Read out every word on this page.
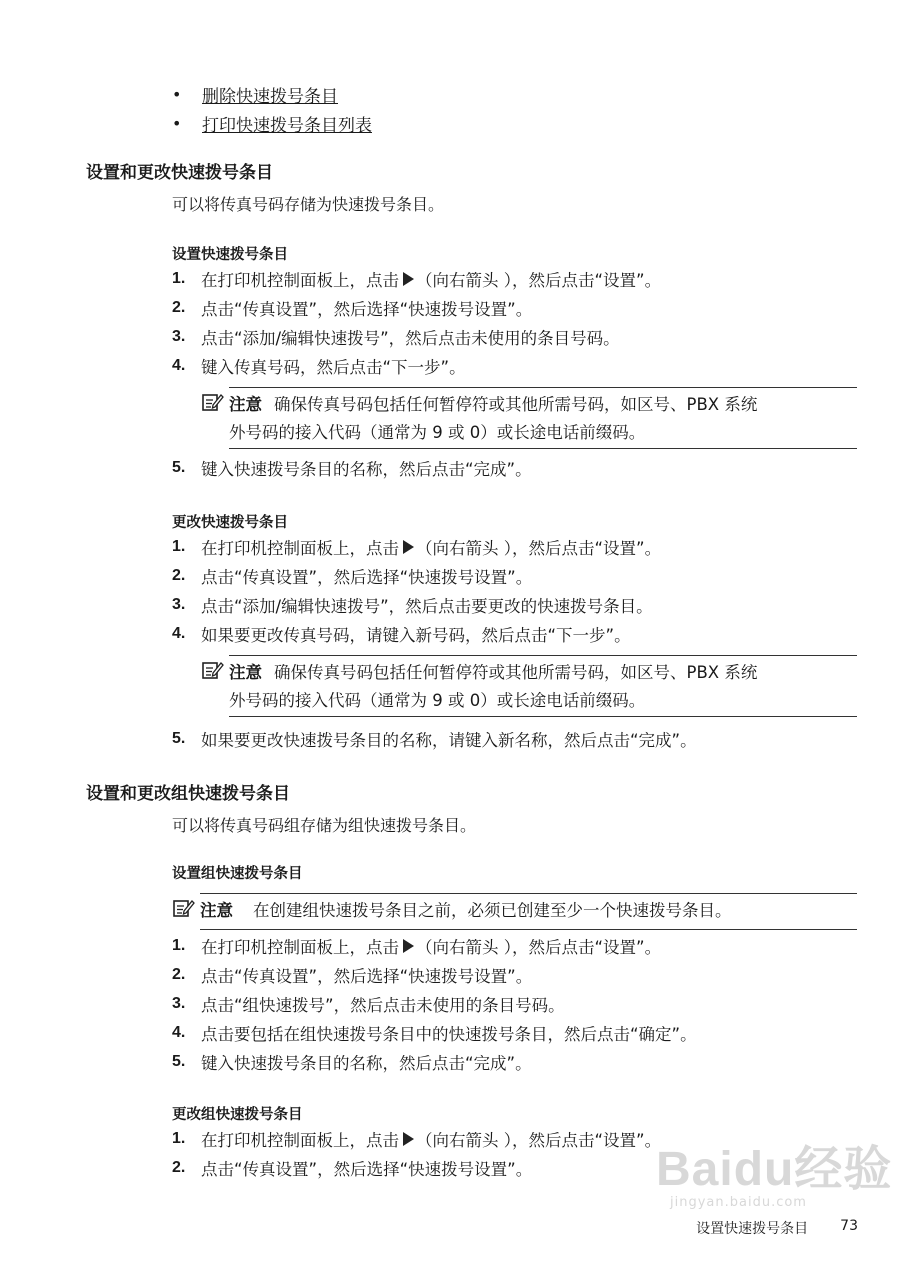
•	删除快速拨号条目
•	打印快速拨号条目列表
设置和更改快速拨号条目
可以将传真号码存储为快速拨号条目。
设置快速拨号条目
1. 在打印机控制面板上，点击 （向右箭头 ），然后点击“设置”。
2. 点击“传真设置”，然后选择“快速拨号设置”。
3. 点击“添加/编辑快速拨号”，然后点击未使用的条目号码。
4. 键入传真号码，然后点击“下一步”。
注意 确保传真号码包括任何暂停符或其他所需号码，如区号、PBX 系统
外号码的接入代码（通常为 9 或 0）或长途电话前缀码。
5. 键入快速拨号条目的名称，然后点击“完成”。
更改快速拨号条目
1. 在打印机控制面板上，点击 （向右箭头 ），然后点击“设置”。
2. 点击“传真设置”，然后选择“快速拨号设置”。
3. 点击“添加/编辑快速拨号”，然后点击要更改的快速拨号条目。
4. 如果要更改传真号码，请键入新号码，然后点击“下一步”。
注意 确保传真号码包括任何暂停符或其他所需号码，如区号、PBX 系统
外号码的接入代码（通常为 9 或 0）或长途电话前缀码。
5. 如果要更改快速拨号条目的名称，请键入新名称，然后点击“完成”。
设置和更改组快速拨号条目
可以将传真号码组存储为组快速拨号条目。
设置组快速拨号条目
注意 在创建组快速拨号条目之前，必须已创建至少一个快速拨号条目。
1. 在打印机控制面板上，点击 （向右箭头 ），然后点击“设置”。
2. 点击“传真设置”，然后选择“快速拨号设置”。
3. 点击“组快速拨号”，然后点击未使用的条目号码。
4. 点击要包括在组快速拨号条目中的快速拨号条目，然后点击“确定”。
5. 键入快速拨号条目的名称，然后点击“完成”。
更改组快速拨号条目
1. 在打印机控制面板上，点击 （向右箭头 ），然后点击“设置”。
2. 点击“传真设置”，然后选择“快速拨号设置”。	Baidu经验
jingyan.baidu.com
设置快速拨号条目 73
